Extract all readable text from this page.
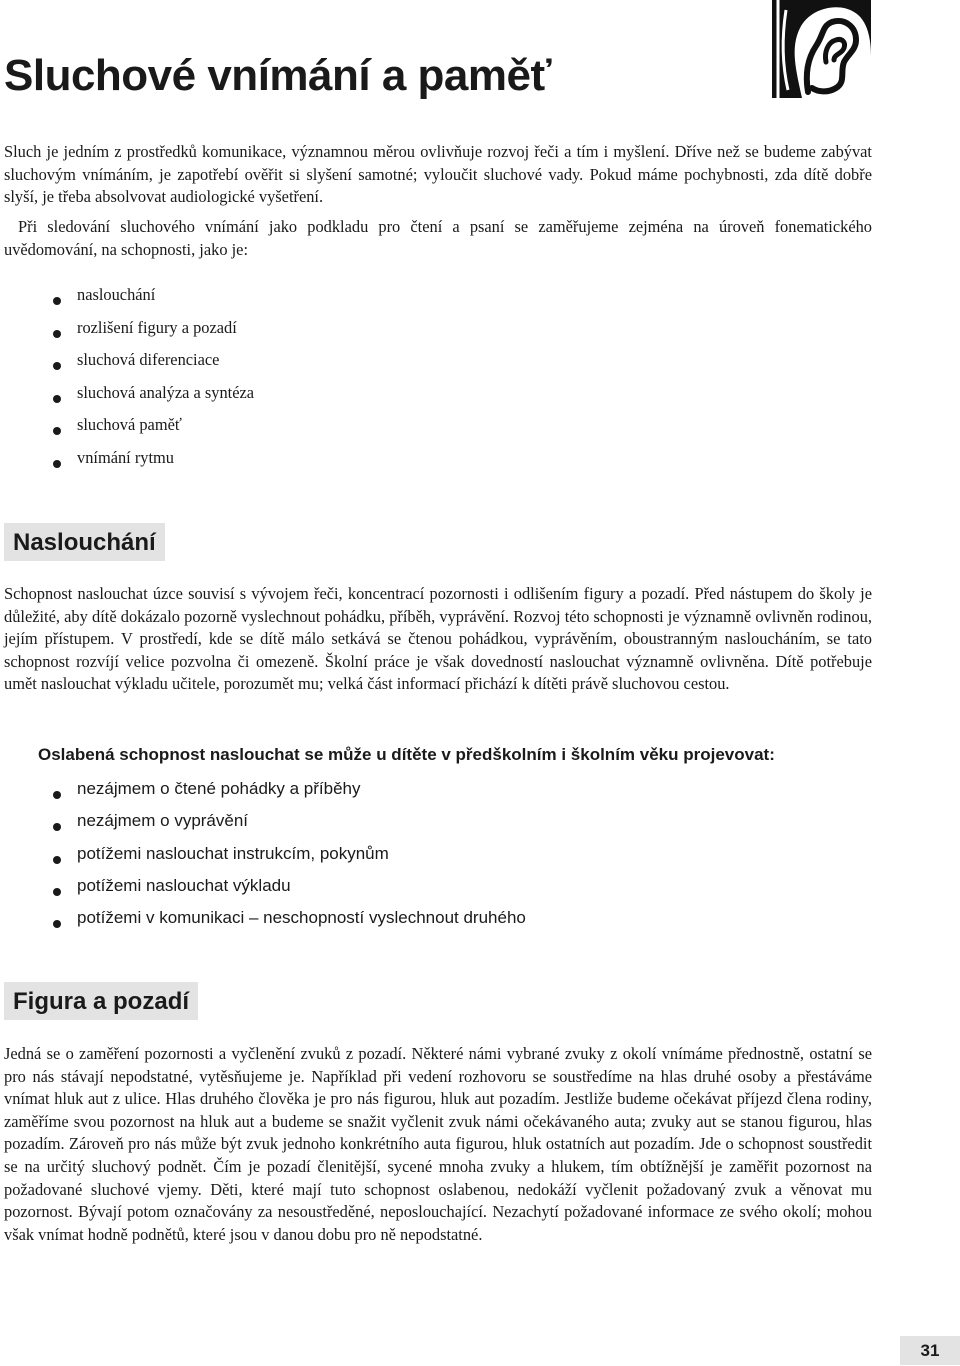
Sluchové vnímání a paměť

Sluch je jedním z prostředků komunikace, významnou měrou ovlivňuje rozvoj řeči a tím i myšlení. Dříve než se budeme zabývat sluchovým vnímáním, je zapotřebí ověřit si slyšení samotné; vyloučit sluchové vady. Pokud máme pochybnosti, zda dítě dobře slyší, je třeba absolvovat audiologické vyšetření.

Při sledování sluchového vnímání jako podkladu pro čtení a psaní se zaměřujeme zejména na úroveň fonematického uvědomování, na schopnosti, jako je:

naslouchání
rozlišení figury a pozadí
sluchová diferenciace
sluchová analýza a syntéza
sluchová paměť
vnímání rytmu
Naslouchání

Schopnost naslouchat úzce souvisí s vývojem řeči, koncentrací pozornosti i odlišením figury a pozadí. Před nástupem do školy je důležité, aby dítě dokázalo pozorně vyslechnout pohádku, příběh, vyprávění. Rozvoj této schopnosti je významně ovlivněn rodinou, jejím přístupem. V prostředí, kde se dítě málo setkává se čtenou pohádkou, vyprávěním, oboustranným nasloucháním, se tato schopnost rozvíjí velice pozvolna či omezeně. Školní práce je však dovedností naslouchat významně ovlivněna. Dítě potřebuje umět naslouchat výkladu učitele, porozumět mu; velká část informací přichází k dítěti právě sluchovou cestou.

Oslabená schopnost naslouchat se může u dítěte v předškolním i školním věku projevovat:
nezájmem o čtené pohádky a příběhy
nezájmem o vyprávění
potížemi naslouchat instrukcím, pokynům
potížemi naslouchat výkladu
potížemi v komunikaci – neschopností vyslechnout druhého
Figura a pozadí

Jedná se o zaměření pozornosti a vyčlenění zvuků z pozadí. Některé námi vybrané zvuky z okolí vnímáme přednostně, ostatní se pro nás stávají nepodstatné, vytěsňujeme je. Například při vedení rozhovoru se soustředíme na hlas druhé osoby a přestáváme vnímat hluk aut z ulice. Hlas druhého člověka je pro nás figurou, hluk aut pozadím. Jestliže budeme očekávat příjezd člena rodiny, zaměříme svou pozornost na hluk aut a budeme se snažit vyčlenit zvuk námi očekávaného auta; zvuky aut se stanou figurou, hlas pozadím. Zároveň pro nás může být zvuk jednoho konkrétního auta figurou, hluk ostatních aut pozadím. Jde o schopnost soustředit se na určitý sluchový podnět. Čím je pozadí členitější, sycené mnoha zvuky a hlukem, tím obtížnější je zaměřit pozornost na požadované sluchové vjemy. Děti, které mají tuto schopnost oslabenou, nedokáží vyčlenit požadovaný zvuk a věnovat mu pozornost. Bývají potom označovány za nesoustředěné, neposlouchající. Nezachytí požadované informace ze svého okolí; mohou však vnímat hodně podnětů, které jsou v danou dobu pro ně nepodstatné.

31
